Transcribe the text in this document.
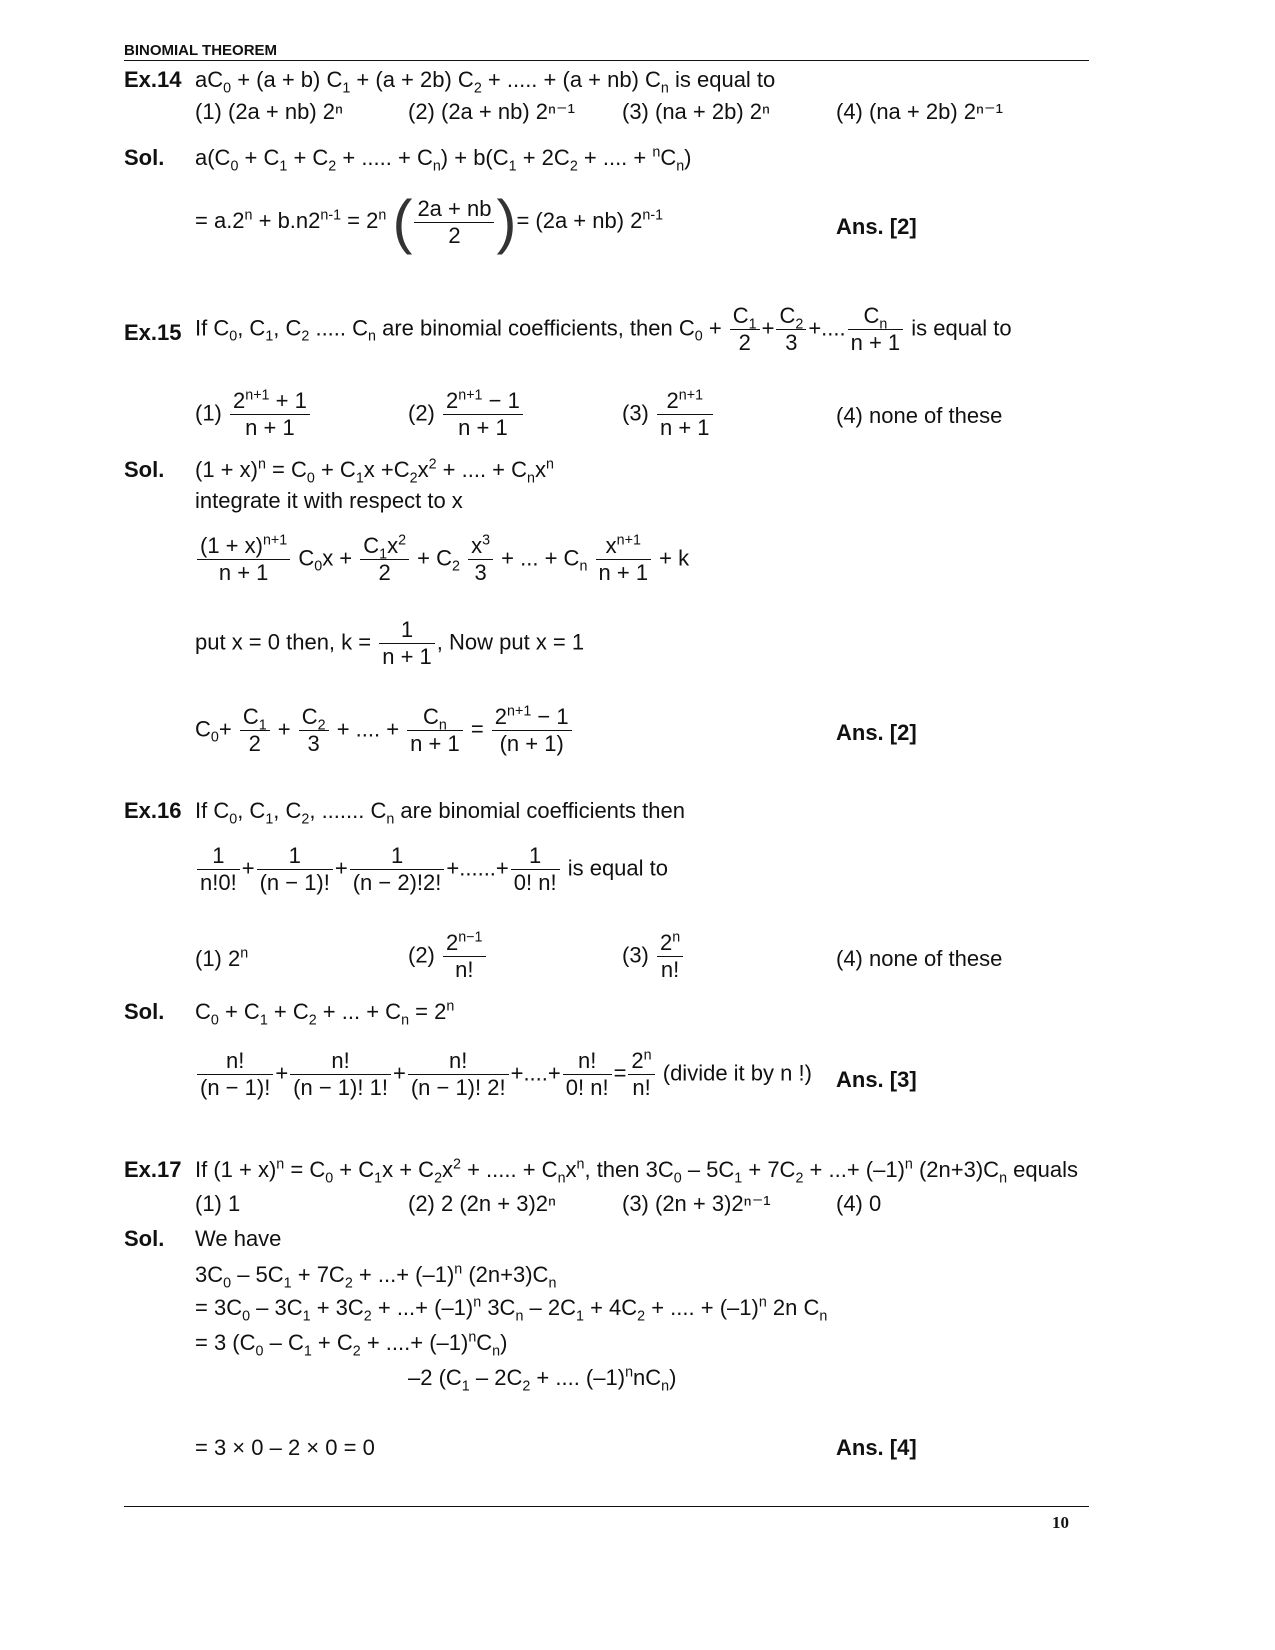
BINOMIAL THEOREM
Ex.14 $aC_0 + (a + b) C_1 + (a + 2b) C_2$ + ..... + (a + nb) $C_n$ is equal to
(1) (2a + nb) 2ⁿ	(2) (2a + nb) 2ⁿ⁻¹ (3) (na + 2b) 2ⁿ	(4) (na + 2b) 2ⁿ⁻¹
Sol. $a(C_0 + C_1 + C_2$ + ..... + $C_n) + b(C_1 + 2C_2$ + .... + $^nC_n$)
= $a.2^n + b.n2^{n-1} = 2^n$ ( $\frac{2a + nb}{2}$ )= (2a + nb) 2$^{n-1}$	Ans. [2]
Ex.15 If $C_0$, $C_1$, $C_2$ ..... $C_n$ are binomial coefficients, then $C_0 + \frac{C_1}{2} + \frac{C_2}{3}$ +.... $\frac{C_n}{n + 1}$ is equal to
$(1) \frac{2^{n+1} + 1}{n + 1}$	$(2) \frac{2^{n+1} - 1}{n + 1}$	$(3) \frac{2^{n+1}}{n + 1}$	(4) none of these
Sol. $(1 + x)^n = C_0 + C_1x +C_2x^2$ + .... + $C_nx^n$
integrate it with respect to x
$\frac{(1 + x)^{n+1}}{n + 1} C_0x + \frac{C_1x^2}{2} + C_2 \frac{x^3}{3}$ + ... + $C_n \frac{x^{n+1}}{n + 1} + k$
put x = 0 then, $k = \frac{1}{n + 1}$ , Now put x = 1
$C_0+ \frac{C_1}{2} + \frac{C_2}{3}$ + .... + $\frac{C_n}{n + 1} = \frac{2^{n+1} - 1}{(n + 1)}$	Ans. [2]
Ex.16 If $C_0$, $C_1$, $C_2$, ....... $C_n$ are binomial coefficients then
$\frac{1}{n!0!} + \frac{1}{(n - 1)!} + \frac{1}{(n - 2)!2!}$ +......+ $\frac{1}{0! n!}$ is equal to
(1) 2$^n$	$(2) \frac{2^{n-1}}{n!}$	$(3) \frac{2^n}{n!}$	(4) none of these
Sol. $C_0 + C_1 + C_2$ + ... + $C_n = 2^n$
$\frac{n!}{(n - 1)!} + \frac{n!}{(n - 1)! 1!} + \frac{n!}{(n - 1)! 2!}$ +....+ $\frac{n!}{0! n!} = \frac{2^n}{n!}$ (divide it by n !) Ans. [3]
Ex.17 If $(1 + x)^n = C_0 + C_1x + C_2x^2$ + ..... + $C_nx^n$, then $3C_0 - 5C_1 + 7C_2$ + ...+ $(-1)^n$ $(2n+3)C_n$ equals
(1) 1	(2) 2 (2n + 3)2ⁿ	(3) (2n + 3)2ⁿ⁻¹	(4) 0
Sol. We have
$3C_0 - 5C_1 + 7C_2$ + ...+ $(-1)^n$ $(2n+3)C_n$
= $3C_0 - 3C_1 + 3C_2$ + ...+ $(-1)^n$ $3C_n - 2C_1 + 4C_2$ + .... + $(-1)^n$ 2n $C_n$
= 3 ($C_0 - C_1 + C_2$ + ....+ $(-1)^nC_n$)
–2 ($C_1 - 2C_2$ + .... $(-1)^nnC_n$)
= 3 × 0 – 2 × 0 = 0	Ans. [4]
10
